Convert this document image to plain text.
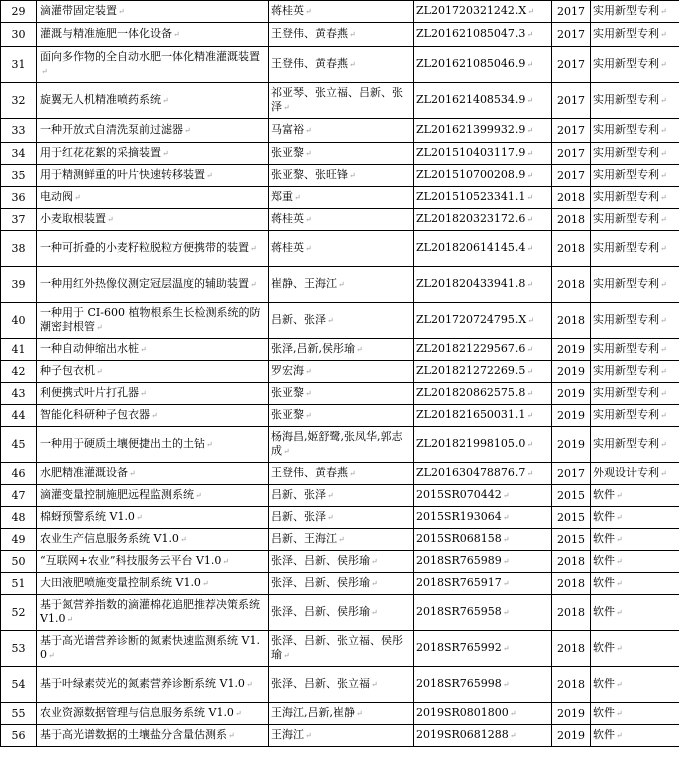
29	滴灌带固定装置↵	蒋桂英↵	ZL201720321242.X↵	2017	实用新型专利↵
30	灌溉与精准施肥一体化设备↵	王登伟、黄春燕↵	ZL201621085047.3↵	2017	实用新型专利↵
31	面向多作物的全自动水肥一体化精准灌溉装置↵	王登伟、黄春燕↵	ZL201621085046.9↵	2017	实用新型专利↵
32	旋翼无人机精准喷药系统↵	祁亚琴、张立福、吕新、张泽↵	ZL201621408534.9↵	2017	实用新型专利↵
33	一种开放式自清洗泵前过滤器↵	马富裕↵	ZL201621399932.9↵	2017	实用新型专利↵
34	用于红花花絮的采摘装置↵	张亚黎↵	ZL201510403117.9↵	2017	实用新型专利↵
35	用于精测鲜重的叶片快速转移装置↵	张亚黎、张旺锋↵	ZL201510700208.9↵	2017	实用新型专利↵
36	电动阀↵	郑重↵	ZL201510523341.1↵	2018	实用新型专利↵
37	小麦取根装置↵	蒋桂英↵	ZL201820323172.6↵	2018	实用新型专利↵
38	一种可折叠的小麦籽粒脱粒方便携带的装置↵	蒋桂英↵	ZL201820614145.4↵	2018	实用新型专利↵
39	一种用红外热像仪测定冠层温度的辅助装置↵	崔静、王海江↵	ZL201820433941.8↵	2018	实用新型专利↵
40	一种用于 CI-600 植物根系生长检测系统的防潮密封根管↵	吕新、张泽↵	ZL201720724795.X↵	2018	实用新型专利↵
41	一种自动伸缩出水桩↵	张泽,吕新,侯彤瑜↵	ZL201821229567.6↵	2019	实用新型专利↵
42	种子包衣机↵	罗宏海↵	ZL201821272269.5↵	2019	实用新型专利↵
43	利便携式叶片打孔器↵	张亚黎↵	ZL201820862575.8↵	2019	实用新型专利↵
44	智能化科研种子包衣器↵	张亚黎↵	ZL201821650031.1↵	2019	实用新型专利↵
45	一种用于硬质土壤便捷出土的土钻↵	杨海昌,姬舒鹭,张凤华,郭志成↵	ZL201821998105.0↵	2019	实用新型专利↵
46	水肥精准灌溉设备↵	王登伟、黄春燕↵	ZL201630478876.7↵	2017	外观设计专利↵
47	滴灌变量控制施肥远程监测系统↵	吕新、张泽↵	2015SR070442↵	2015	软件↵
48	棉蚜预警系统 V1.0↵	吕新、张泽↵	2015SR193064↵	2015	软件↵
49	农业生产信息服务系统 V1.0↵	吕新、王海江↵	2015SR068158↵	2015	软件↵
50	“互联网+农业”科技服务云平台 V1.0↵	张泽、吕新、侯彤瑜↵	2018SR765989↵	2018	软件↵
51	大田液肥喷施变量控制系统 V1.0↵	张泽、吕新、侯彤瑜↵	2018SR765917↵	2018	软件↵
52	基于氮营养指数的滴灌棉花追肥推荐决策系统 V1.0↵	张泽、吕新、侯彤瑜↵	2018SR765958↵	2018	软件↵
53	基于高光谱营养诊断的氮素快速监测系统 V1.0↵	张泽、吕新、张立福、侯彤瑜↵	2018SR765992↵	2018	软件↵
54	基于叶绿素荧光的氮素营养诊断系统 V1.0↵	张泽、吕新、张立福↵	2018SR765998↵	2018	软件↵
55	农业资源数据管理与信息服务系统 V1.0↵	王海江,吕新,崔静↵	2019SR0801800↵	2019	软件↵
56	基于高光谱数据的土壤盐分含量估测系↵	王海江↵	2019SR0681288↵	2019	软件↵
